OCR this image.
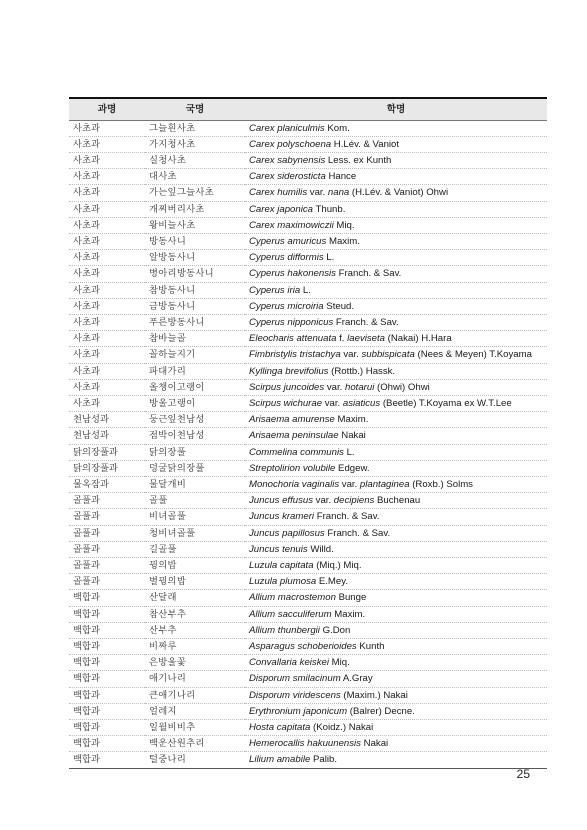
과명	국명	학명
사초과	그늘흰사초	Carex planiculmis Kom.
사초과	가지청사초	Carex polyschoena H.Lév. & Vaniot
사초과	실청사초	Carex sabynensis Less. ex Kunth
사초과	대사초	Carex siderosticta Hance
사초과	가는잎그늘사초	Carex humilis var. nana (H.Lév. & Vaniot) Ohwi
사초과	개찌버리사초	Carex japonica Thunb.
사초과	왕비늘사초	Carex maximowiczii Miq.
사초과	방동사니	Cyperus amuricus Maxim.
사초과	알방동사니	Cyperus difformis L.
사초과	병아리방동사니	Cyperus hakonensis Franch. & Sav.
사초과	참방동사니	Cyperus iria L.
사초과	금방동사니	Cyperus microiria Steud.
사초과	푸른방동사니	Cyperus nipponicus Franch. & Sav.
사초과	참바늘골	Eleocharis attenuata f. laeviseta (Nakai) H.Hara
사초과	꼴하늘지기	Fimbristylis tristachya var. subbispicata (Nees & Meyen) T.Koyama
사초과	파대가리	Kyllinga brevifolius (Rottb.) Hassk.
사초과	올챙이고랭이	Scirpus juncoides var. hotarui (Ohwi) Ohwi
사초과	방울고랭이	Scirpus wichurae var. asiaticus (Beetle) T.Koyama ex W.T.Lee
천남성과	둥근잎천남성	Arisaema amurense Maxim.
천남성과	점박이천남성	Arisaema peninsulae Nakai
닭의장풀과	닭의장풀	Commelina communis L.
닭의장풀과	덩굴닭의장풀	Streptolirion volubile Edgew.
물옥잠과	물달개비	Monochoria vaginalis var. plantaginea (Roxb.) Solms
골풀과	골풀	Juncus effusus var. decipiens Buchenau
골풀과	비녀골풀	Juncus krameri Franch. & Sav.
골풀과	청비녀골풀	Juncus papillosus Franch. & Sav.
골풀과	길골풀	Juncus tenuis Willd.
골풀과	꿩의밥	Luzula capitata (Miq.) Miq.
골풀과	별꿩의밥	Luzula plumosa E.Mey.
백합과	산달래	Allium macrostemon Bunge
백합과	참산부추	Allium sacculiferum Maxim.
백합과	산부추	Allium thunbergii G.Don
백합과	비짜루	Asparagus schoberioides Kunth
백합과	은방울꽃	Convallaria keiskei Miq.
백합과	애기나리	Disporum smilacinum A.Gray
백합과	큰애기나리	Disporum viridescens (Maxim.) Nakai
백합과	얼레지	Erythronium japonicum (Balrer) Decne.
백합과	일월비비추	Hosta capitata (Koidz.) Nakai
백합과	백운산원추리	Hemerocallis hakuunensis Nakai
백합과	털중나리	Lilium amabile Palib.
25
